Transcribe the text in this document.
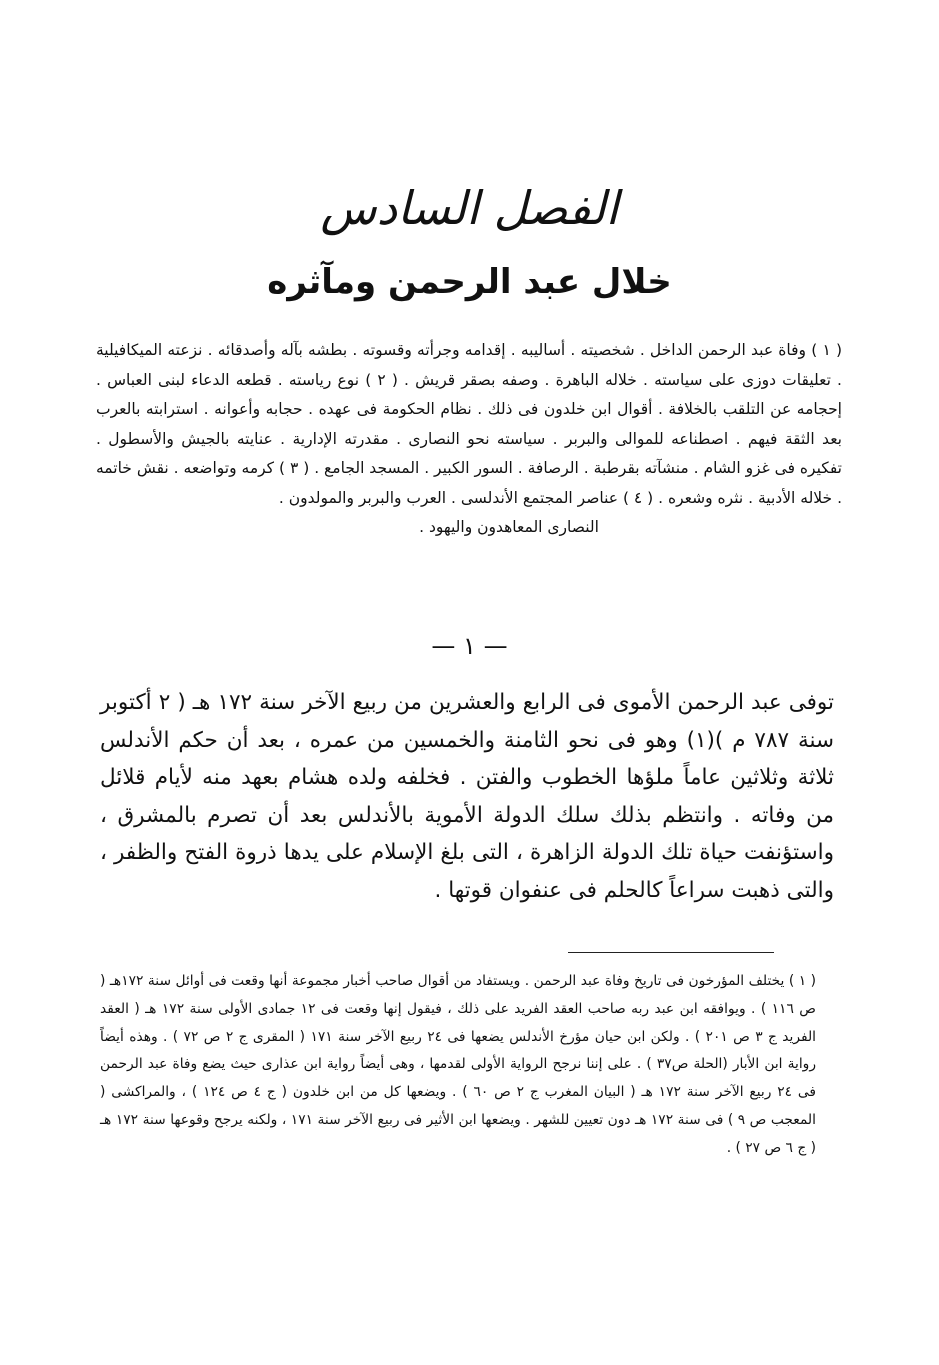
الفصل السادس
خلال عبد الرحمن ومآثره
( ١ ) وفاة عبد الرحمن الداخل . شخصيته . أساليبه . إقدامه وجرأته وقسوته . بطشه بآله وأصدقائه . نزعته الميكافيلية . تعليقات دوزى على سياسته . خلاله الباهرة . وصفه بصقر قريش . ( ٢ ) نوع رياسته . قطعه الدعاء لبنى العباس . إحجامه عن التلقب بالخلافة . أقوال ابن خلدون فى ذلك . نظام الحكومة فى عهده . حجابه وأعوانه . استرابته بالعرب بعد الثقة فيهم . اصطناعه للموالى والبربر . سياسته نحو النصارى . مقدرته الإدارية . عنايته بالجيش والأسطول . تفكيره فى غزو الشام . منشآته بقرطبة . الرصافة . السور الكبير . المسجد الجامع . ( ٣ ) كرمه وتواضعه . نقش خاتمه . خلاله الأدبية . نثره وشعره . ( ٤ ) عناصر المجتمع الأندلسى . العرب والبربر والمولدون .
النصارى المعاهدون واليهود .
— ١ —
توفى عبد الرحمن الأموى فى الرابع والعشرين من ربيع الآخر سنة ١٧٢ هـ ( ٢ أكتوبر سنة ٧٨٧ م )(١) وهو فى نحو الثامنة والخمسين من عمره ، بعد أن حكم الأندلس ثلاثة وثلاثين عاماً ملؤها الخطوب والفتن . فخلفه ولده هشام بعهد منه لأيام قلائل من وفاته . وانتظم بذلك سلك الدولة الأموية بالأندلس بعد أن تصرم بالمشرق ، واستؤنفت حياة تلك الدولة الزاهرة ، التى بلغ الإسلام على يدها ذروة الفتح والظفر ، والتى ذهبت سراعاً كالحلم فى عنفوان قوتها .
( ١ ) يختلف المؤرخون فى تاريخ وفاة عبد الرحمن . ويستفاد من أقوال صاحب أخبار مجموعة أنها وقعت فى أوائل سنة ١٧٢هـ ( ص ١١٦ ) . ويوافقه ابن عبد ربه صاحب العقد الفريد على ذلك ، فيقول إنها وقعت فى ١٢ جمادى الأولى سنة ١٧٢ هـ ( العقد الفريد ج ٣ ص ٢٠١ ) . ولكن ابن حيان مؤرخ الأندلس يضعها فى ٢٤ ربيع الآخر سنة ١٧١ ( المقرى ج ٢ ص ٧٢ ) . وهذه أيضاً رواية ابن الأبار (الحلة ص٣٧ ) . على إننا نرجح الرواية الأولى لقدمها ، وهى أيضاً رواية ابن عذارى حيث يضع وفاة عبد الرحمن فى ٢٤ ربيع الآخر سنة ١٧٢ هـ ( البيان المغرب ج ٢ ص ٦٠ ) . ويضعها كل من ابن خلدون ( ج ٤ ص ١٢٤ ) ، والمراكشى ( المعجب ص ٩ ) فى سنة ١٧٢ هـ دون تعيين للشهر . ويضعها ابن الأثير فى ربيع الآخر سنة ١٧١ ، ولكنه يرجح وقوعها سنة ١٧٢ هـ ( ج ٦ ص ٢٧ ) .
